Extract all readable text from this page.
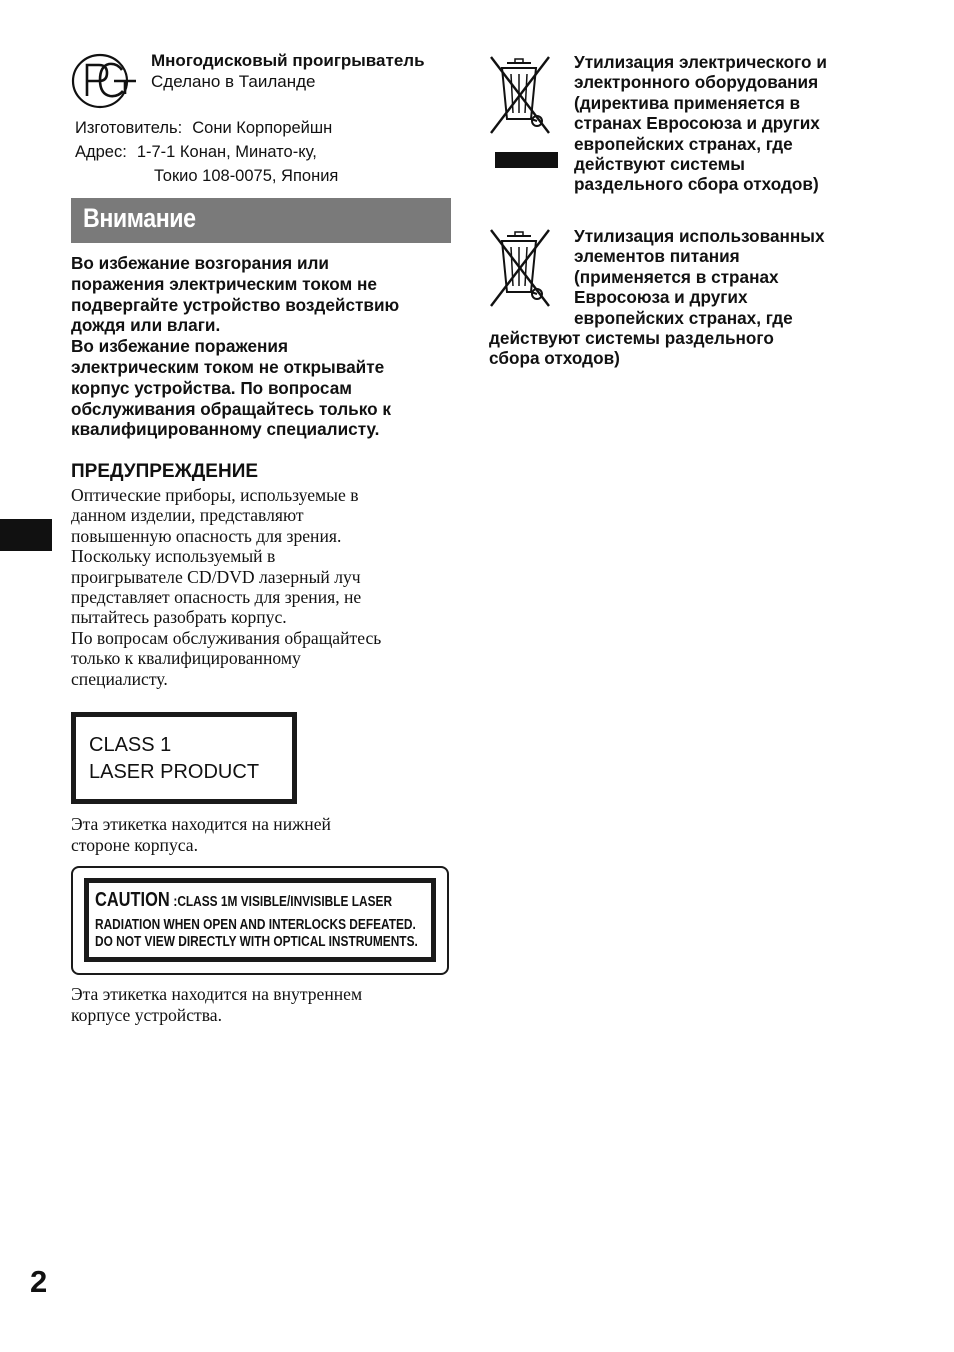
Многодисковый проигрыватель
Сделано в Таиланде
Изготовитель: Сони Корпорейшн
Адрес: 1-7-1 Конан, Минато-ку,
Токио 108-0075, Япония
Внимание
Во избежание возгорания или
поражения электрическим током не
подвергайте устройство воздействию
дождя или влаги.
Во избежание поражения
электрическим током не открывайте
корпус устройства. По вопросам
обслуживания обращайтесь только к
квалифицированному специалисту.
ПРЕДУПРЕЖДЕНИЕ
Оптические приборы, используемые в
данном изделии, представляют
повышенную опасность для зрения.
Поскольку используемый в
проигрывателе CD/DVD лазерный луч
представляет опасность для зрения, не
пытайтесь разобрать корпус.
По вопросам обслуживания обращайтесь
только к квалифицированному
специалисту.
CLASS 1
LASER PRODUCT
Эта этикетка находится на нижней
стороне корпуса.
CAUTION :CLASS 1M VISIBLE/INVISIBLE LASER
RADIATION WHEN OPEN AND INTERLOCKS DEFEATED.
DO NOT VIEW DIRECTLY WITH OPTICAL INSTRUMENTS.
Эта этикетка находится на внутреннем
корпусе устройства.
Утилизация электрического и
электронного оборудования
(директива применяется в
странах Евросоюза и других
европейских странах, где
действуют системы
раздельного сбора отходов)
Утилизация использованных
элементов питания
(применяется в странах
Евросоюза и других
европейских странах, где
действуют системы раздельного
сбора отходов)
2
